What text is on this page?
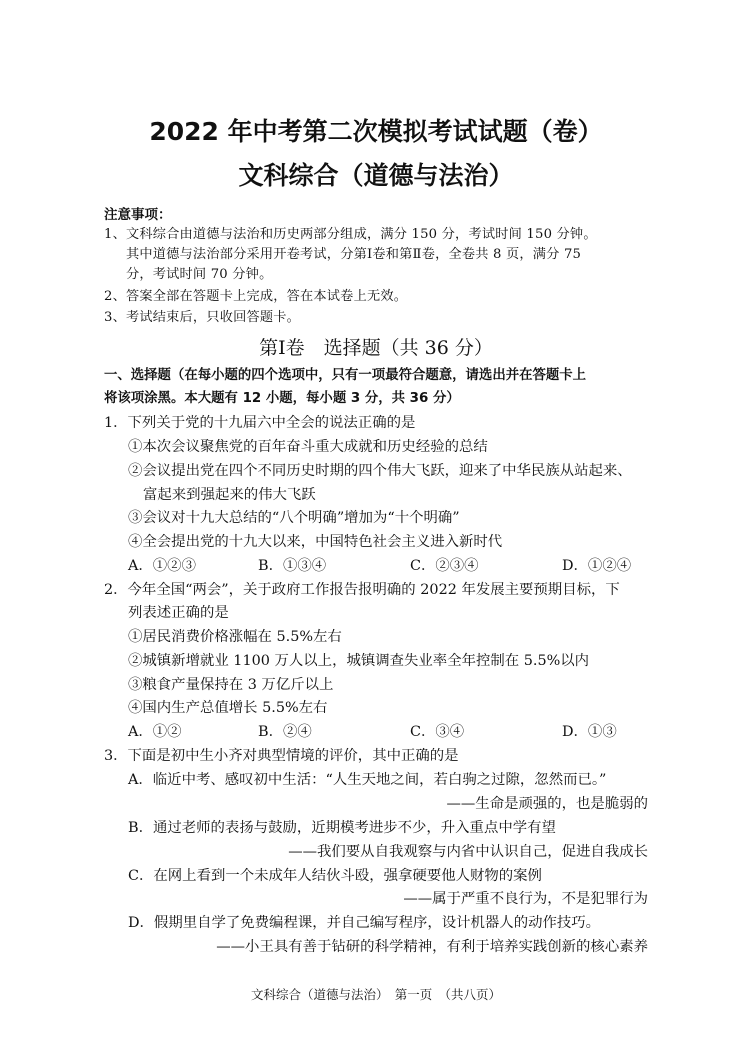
2022 年中考第二次模拟考试试题（卷）
文科综合（道德与法治）
注意事项：
1、文科综合由道德与法治和历史两部分组成，满分 150 分，考试时间 150 分钟。
其中道德与法治部分采用开卷考试，分第Ⅰ卷和第Ⅱ卷，全卷共 8 页，满分 75
分，考试时间 70 分钟。
2、答案全部在答题卡上完成，答在本试卷上无效。
3、考试结束后，只收回答题卡。
第Ⅰ卷　选择题（共 36 分）
一、选择题（在每小题的四个选项中，只有一项最符合题意，请选出并在答题卡上
将该项涂黑。本大题有 12 小题，每小题 3 分，共 36 分）
1．下列关于党的十九届六中全会的说法正确的是
①本次会议聚焦党的百年奋斗重大成就和历史经验的总结
②会议提出党在四个不同历史时期的四个伟大飞跃，迎来了中华民族从站起来、
富起来到强起来的伟大飞跃
③会议对十九大总结的“八个明确”增加为“十个明确”
④全会提出党的十九大以来，中国特色社会主义进入新时代
A．①②③	B．①③④	C．②③④	D．①②④
2．今年全国“两会”，关于政府工作报告报明确的 2022 年发展主要预期目标，下
列表述正确的是
①居民消费价格涨幅在 5.5%左右
②城镇新增就业 1100 万人以上，城镇调查失业率全年控制在 5.5%以内
③粮食产量保持在 3 万亿斤以上
④国内生产总值增长 5.5%左右
A．①②	B．②④	C．③④	D．①③
3．下面是初中生小齐对典型情境的评价，其中正确的是
A．临近中考、感叹初中生活：“人生天地之间，若白驹之过隙，忽然而已。”
——生命是顽强的，也是脆弱的
B．通过老师的表扬与鼓励，近期模考进步不少，升入重点中学有望
——我们要从自我观察与内省中认识自己，促进自我成长
C．在网上看到一个未成年人结伙斗殴，强拿硬要他人财物的案例
——属于严重不良行为，不是犯罪行为
D．假期里自学了免费编程课，并自己编写程序，设计机器人的动作技巧。
——小王具有善于钻研的科学精神，有利于培养实践创新的核心素养
文科综合（道德与法治）　第一页　（共八页）
